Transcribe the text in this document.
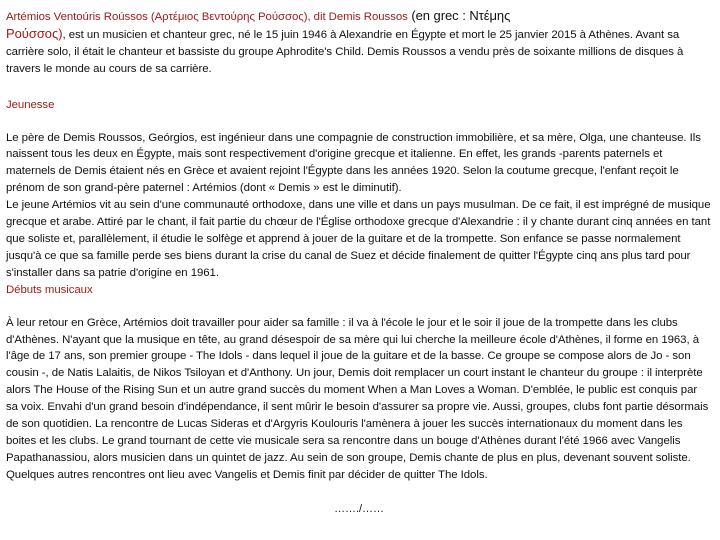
Artémios Ventoúris Roússos (Αρτέμιος Βεντούρης Ρούσσος), dit Demis Roussos (en grec : Ντέμης
Ρούσσος), est un musicien et chanteur grec, né le 15 juin 1946 à Alexandrie en Égypte et mort le 25 janvier 2015 à Athènes. Avant sa carrière solo, il était le chanteur et bassiste du groupe Aphrodite's Child. Demis Roussos a vendu près de soixante millions de disques à travers le monde au cours de sa carrière.

Jeunesse

Le père de Demis Roussos, Geórgios, est ingénieur dans une compagnie de construction immobilière, et sa mère, Olga, une chanteuse. Ils naissent tous les deux en Égypte, mais sont respectivement d'origine grecque et italienne. En effet, les grands -parents paternels et maternels de Demis étaient nés en Grèce et avaient rejoint l'Égypte dans les années 1920. Selon la coutume grecque, l'enfant reçoit le prénom de son grand-père paternel : Artémios (dont « Demis » est le diminutif).

Le jeune Artémios vit au sein d'une communauté orthodoxe, dans une ville et dans un pays musulman. De ce fait, il est imprégné de musique grecque et arabe. Attiré par le chant, il fait partie du chœur de l'Église orthodoxe grecque d'Alexandrie : il y chante durant cinq années en tant que soliste et, parallèlement, il étudie le solfège et apprend à jouer de la guitare et de la trompette. Son enfance se passe normalement jusqu'à ce que sa famille perde ses biens durant la crise du canal de Suez et décide finalement de quitter l'Égypte cinq ans plus tard pour s'installer dans sa patrie d'origine en 1961.

Débuts musicaux

À leur retour en Grèce, Artémios doit travailler pour aider sa famille : il va à l'école le jour et le soir il joue de la trompette dans les clubs d'Athènes. N'ayant que la musique en tête, au grand désespoir de sa mère qui lui cherche la meilleure école d'Athènes, il forme en 1963, à l'âge de 17 ans, son premier groupe - The Idols - dans lequel il joue de la guitare et de la basse. Ce groupe se compose alors de Jo - son cousin -, de Natis Lalaitis, de Nikos Tsiloyan et d'Anthony. Un jour, Demis doit remplacer un court instant le chanteur du groupe : il interprète alors The House of the Rising Sun et un autre grand succès du moment When a Man Loves a Woman. D'emblée, le public est conquis par sa voix. Envahi d'un grand besoin d'indépendance, il sent mûrir le besoin d'assurer sa propre vie. Aussi, groupes, clubs font partie désormais de son quotidien. La rencontre de Lucas Sideras et d'Argyris Koulouris l'amènera à jouer les succès internationaux du moment dans les boites et les clubs. Le grand tournant de cette vie musicale sera sa rencontre dans un bouge d'Athènes durant l'été 1966 avec Vangelis Papathanassiou, alors musicien dans un quintet de jazz. Au sein de son groupe, Demis chante de plus en plus, devenant souvent soliste. Quelques autres rencontres ont lieu avec Vangelis et Demis finit par décider de quitter The Idols.

……./……
